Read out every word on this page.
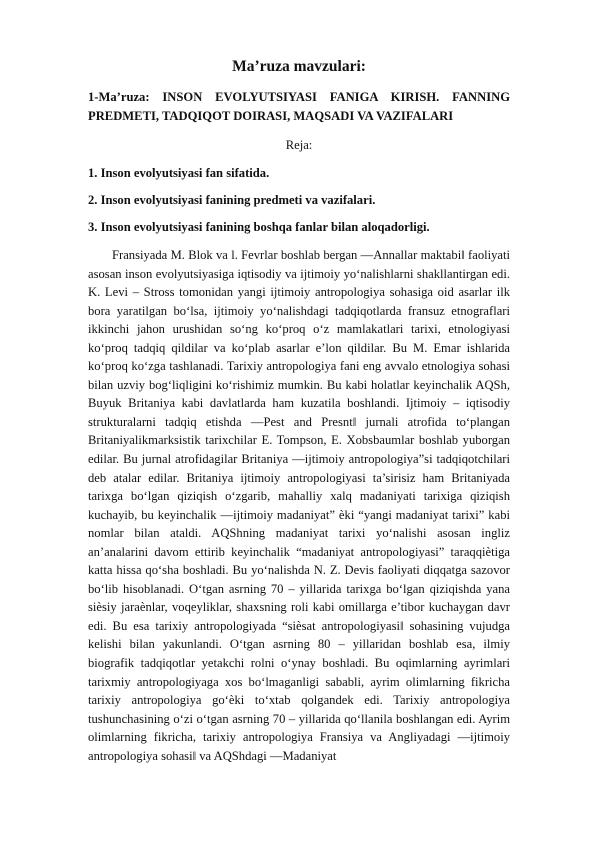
Ma’ruza mavzulari:

1-Ma’ruza: INSON EVOLYUTSIYASI FANIGA KIRISH. FANNING PREDMETI, TADQIQOT DOIRASI, MAQSADI VA VAZIFALARI

Reja:
1. Inson evolyutsiyasi fan sifatida.
2. Inson evolyutsiyasi fanining predmeti va vazifalari.
3. Inson evolyutsiyasi fanining boshqa fanlar bilan aloqadorligi.

Fransiyada M. Blok va l. Fevrlar boshlab bergan ―Annallar maktabi‖ faoliyati asosan inson evolyutsiyasiga iqtisodiy va ijtimoiy yo‘nalishlarni shakllantirgan edi. K. Levi – Stross tomonidan yangi ijtimoiy antropologiya sohasiga oid asarlar ilk bora yaratilgan bo‘lsa, ijtimoiy yo‘nalishdagi tadqiqotlarda fransuz etnograflari ikkinchi jahon urushidan so‘ng ko‘proq o‘z mamlakatlari tarixi, etnologiyasi ko‘proq tadqiq qildilar va ko‘plab asarlar e’lon qildilar. Bu M. Emar ishlarida ko‘proq ko‘zga tashlanadi. Tarixiy antropologiya fani eng avvalo etnologiya sohasi bilan uzviy bog‘liqligini ko‘rishimiz mumkin. Bu kabi holatlar keyinchalik AQSh, Buyuk Britaniya kabi davlatlarda ham kuzatila boshlandi. Ijtimoiy – iqtisodiy strukturalarni tadqiq etishda ―Pest and Presnt‖ jurnali atrofida to‘plangan Britaniyalikmarksistik tarixchilar E. Tompson, E. Xobsbaumlar boshlab yuborgan edilar. Bu jurnal atrofidagilar Britaniya ―ijtimoiy antropologiya”si tadqiqotchilari deb atalar edilar. Britaniya ijtimoiy antropologiyasi ta’sirisiz ham Britaniyada tarixga bo‘lgan qiziqish o‘zgarib, mahalliy xalq madaniyati tarixiga qiziqish kuchayib, bu keyinchalik ―ijtimoiy madaniyat” ѐki “yangi madaniyat tarixi” kabi nomlar bilan ataldi. AQShning madaniyat tarixi yo‘nalishi asosan ingliz an’analarini davom ettirib keyinchalik “madaniyat antropologiyasi” taraqqiѐtiga katta hissa qo‘sha boshladi. Bu yo‘nalishda N. Z. Devis faoliyati diqqatga sazovor bo‘lib hisoblanadi. O‘tgan asrning 70 – yillarida tarixga bo‘lgan qiziqishda yana siѐsiy jaraѐnlar, voqeyliklar, shaxsning roli kabi omillarga e’tibor kuchaygan davr edi. Bu esa tarixiy antropologiyada “siѐsat antropologiyasi‖ sohasining vujudga kelishi bilan yakunlandi. O‘tgan asrning 80 – yillaridan boshlab esa, ilmiy biografik tadqiqotlar yetakchi rolni o‘ynay boshladi. Bu oqimlarning ayrimlari tarixmiy antropologiyaga xos bo‘lmaganligi sababli, ayrim olimlarning fikricha tarixiy antropologiya go‘ѐki to‘xtab qolgandek edi. Tarixiy antropologiya tushunchasining o‘zi o‘tgan asrning 70 – yillarida qo‘llanila boshlangan edi. Ayrim olimlarning fikricha, tarixiy antropologiya Fransiya va Angliyadagi ―ijtimoiy antropologiya sohasi‖ va AQShdagi ―Madaniyat
